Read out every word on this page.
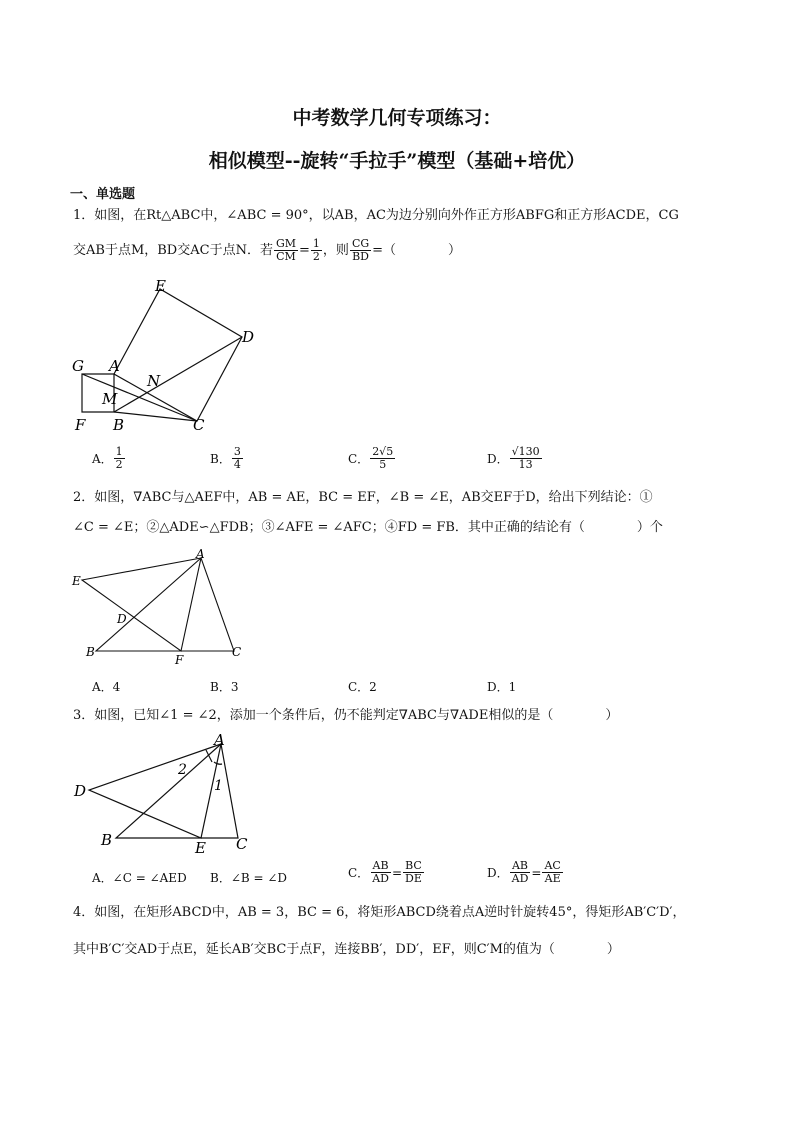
中考数学几何专项练习：
相似模型--旋转“手拉手”模型（基础+培优）
一、单选题
1．如图，在Rt△ABC中，∠ABC = 90°，以AB，AC为边分别向外作正方形ABFG和正方形ACDE，CG
交AB于点M，BD交AC于点N．若 $\frac{GM}{CM} = \frac{1}{2}$ ，则 $\frac{CG}{BD}$ =（　　　　）
E
D
G A
N
M
F B	C
A． $\frac{1}{2}$	B． $\frac{3}{4}$	C． $\frac{2√5}{5}$	D． $\frac{√130}{13}$
2．如图，∇ABC与△AEF中，AB = AE，BC = EF，∠B = ∠E，AB交EF于D，给出下列结论：①
∠C = ∠E；②△ADE∽△FDB；③∠AFE = ∠AFC；④FD = FB．其中正确的结论有（　　　　）个
A
E
D
B
F
C
A．4	B．3	C．2	D．1
3．如图，已知∠1 = ∠2，添加一个条件后，仍不能判定∇ABC与∇ADE相似的是（　　　　）
A
D
2
1
B	E C
A．∠C = ∠AED B．∠B = ∠D	C． $\frac{AB}{AD} = \frac{BC}{DE}$	D． $\frac{AB}{AD} = \frac{AC}{AE}$
4．如图，在矩形ABCD中，AB = 3，BC = 6，将矩形ABCD绕着点A逆时针旋转45°，得矩形AB′C′D′，
其中B′C′交AD于点E，延长AB′交BC于点F，连接BB′，DD′，EF，则C′M的值为（　　　　）
